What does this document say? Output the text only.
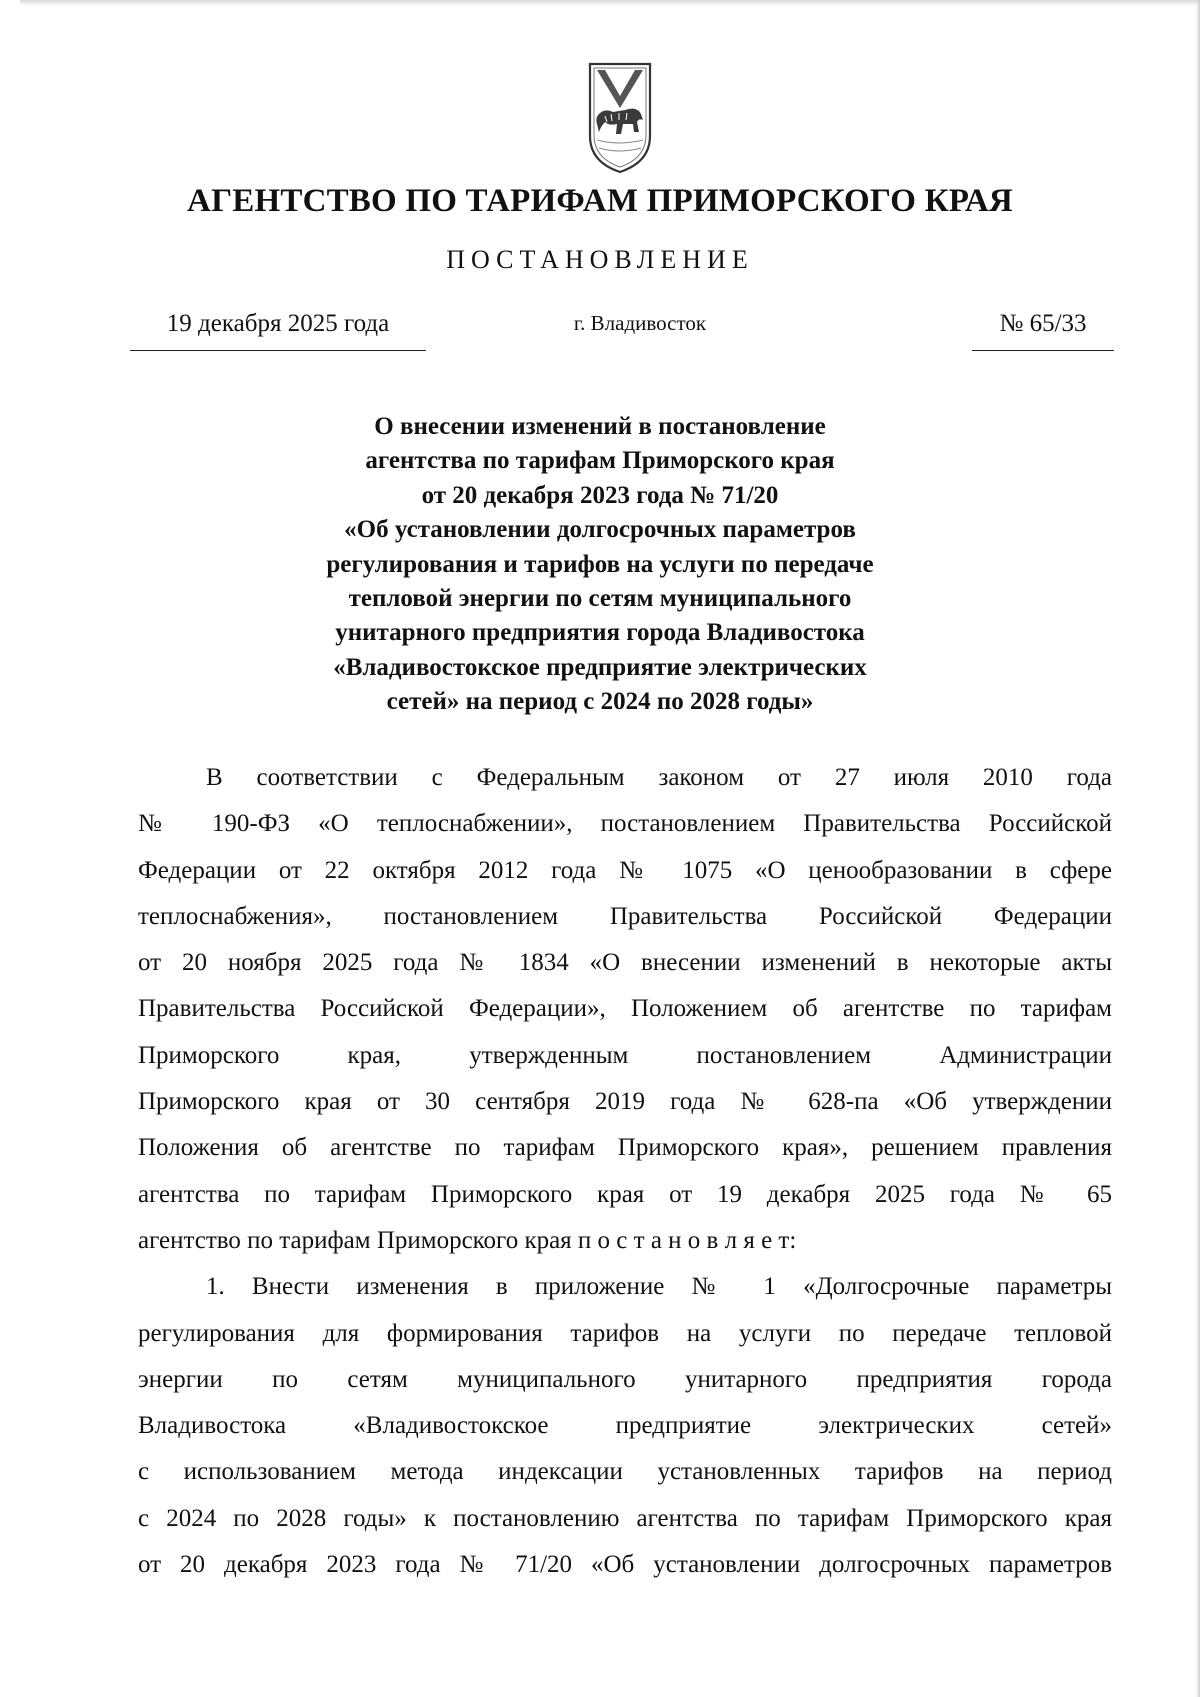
АГЕНТСТВО ПО ТАРИФАМ ПРИМОРСКОГО КРАЯ
ПОСТАНОВЛЕНИЕ
19 декабря 2025 года	г. Владивосток	№ 65/33
О внесении изменений в постановление
агентства по тарифам Приморского края
от 20 декабря 2023 года № 71/20
«Об установлении долгосрочных параметров
регулирования и тарифов на услуги по передаче
тепловой энергии по сетям муниципального
унитарного предприятия города Владивостока
«Владивостокское предприятие электрических
сетей» на период с 2024 по 2028 годы»
В соответствии с Федеральным законом от 27 июля 2010 года
№ 190-ФЗ «О теплоснабжении», постановлением Правительства Российской
Федерации от 22 октября 2012 года № 1075 «О ценообразовании в сфере
теплоснабжения», постановлением Правительства Российской Федерации
от 20 ноября 2025 года № 1834 «О внесении изменений в некоторые акты
Правительства Российской Федерации», Положением об агентстве по тарифам
Приморского края, утвержденным постановлением Администрации
Приморского края от 30 сентября 2019 года № 628-па «Об утверждении
Положения об агентстве по тарифам Приморского края», решением правления
агентства по тарифам Приморского края от 19 декабря 2025 года № 65
агентство по тарифам Приморского края п о с т а н о в л я е т:
1. Внести изменения в приложение № 1 «Долгосрочные параметры
регулирования для формирования тарифов на услуги по передаче тепловой
энергии по сетям муниципального унитарного предприятия города
Владивостока «Владивостокское предприятие электрических сетей»
с использованием метода индексации установленных тарифов на период
с 2024 по 2028 годы» к постановлению агентства по тарифам Приморского края
от 20 декабря 2023 года № 71/20 «Об установлении долгосрочных параметров
